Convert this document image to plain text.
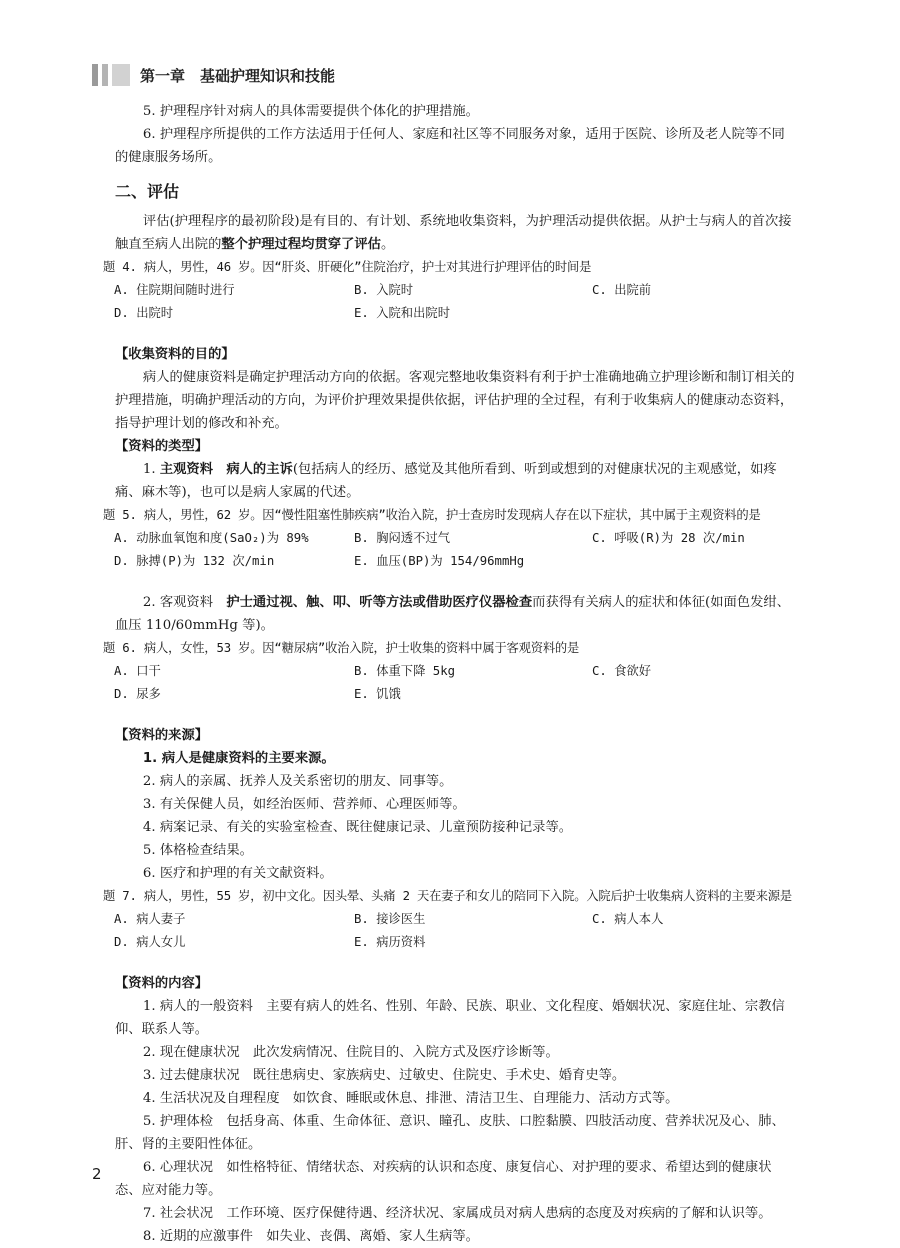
第一章　基础护理知识和技能

5. 护理程序针对病人的具体需要提供个体化的护理措施。

6. 护理程序所提供的工作方法适用于任何人、家庭和社区等不同服务对象，适用于医院、诊所及老人院等不同的健康服务场所。

二、评估

评估(护理程序的最初阶段)是有目的、有计划、系统地收集资料，为护理活动提供依据。从护士与病人的首次接触直至病人出院的整个护理过程均贯穿了评估。

题 4. 病人，男性，46 岁。因“肝炎、肝硬化”住院治疗，护士对其进行护理评估的时间是

A. 住院期间随时进行	B. 入院时	C. 出院前
D. 出院时	E. 入院和出院时

【收集资料的目的】

病人的健康资料是确定护理活动方向的依据。客观完整地收集资料有利于护士准确地确立护理诊断和制订相关的护理措施，明确护理活动的方向，为评价护理效果提供依据，评估护理的全过程，有利于收集病人的健康动态资料，指导护理计划的修改和补充。

【资料的类型】

1. 主观资料　病人的主诉(包括病人的经历、感觉及其他所看到、听到或想到的对健康状况的主观感觉，如疼痛、麻木等)，也可以是病人家属的代述。

题 5. 病人，男性，62 岁。因“慢性阻塞性肺疾病”收治入院，护士查房时发现病人存在以下症状，其中属于主观资料的是

A. 动脉血氧饱和度(SaO₂)为 89%	B. 胸闷透不过气	C. 呼吸(R)为 28 次/min
D. 脉搏(P)为 132 次/min	E. 血压(BP)为 154/96mmHg

2. 客观资料　护士通过视、触、叩、听等方法或借助医疗仪器检查而获得有关病人的症状和体征(如面色发绀、血压 110/60mmHg 等)。

题 6. 病人，女性，53 岁。因“糖尿病”收治入院，护士收集的资料中属于客观资料的是

A. 口干	B. 体重下降 5kg	C. 食欲好
D. 尿多	E. 饥饿

【资料的来源】

1. 病人是健康资料的主要来源。

2. 病人的亲属、抚养人及关系密切的朋友、同事等。

3. 有关保健人员，如经治医师、营养师、心理医师等。

4. 病案记录、有关的实验室检查、既往健康记录、儿童预防接种记录等。

5. 体格检查结果。

6. 医疗和护理的有关文献资料。

题 7. 病人，男性，55 岁，初中文化。因头晕、头痛 2 天在妻子和女儿的陪同下入院。入院后护士收集病人资料的主要来源是

A. 病人妻子	B. 接诊医生	C. 病人本人
D. 病人女儿	E. 病历资料

【资料的内容】

1. 病人的一般资料　主要有病人的姓名、性别、年龄、民族、职业、文化程度、婚姻状况、家庭住址、宗教信仰、联系人等。

2. 现在健康状况　此次发病情况、住院目的、入院方式及医疗诊断等。

3. 过去健康状况　既往患病史、家族病史、过敏史、住院史、手术史、婚育史等。

4. 生活状况及自理程度　如饮食、睡眠或休息、排泄、清洁卫生、自理能力、活动方式等。

5. 护理体检　包括身高、体重、生命体征、意识、瞳孔、皮肤、口腔黏膜、四肢活动度、营养状况及心、肺、肝、肾的主要阳性体征。

6. 心理状况　如性格特征、情绪状态、对疾病的认识和态度、康复信心、对护理的要求、希望达到的健康状态、应对能力等。

7. 社会状况　工作环境、医疗保健待遇、经济状况、家属成员对病人患病的态度及对疾病的了解和认识等。

8. 近期的应激事件　如失业、丧偶、离婚、家人生病等。

2
